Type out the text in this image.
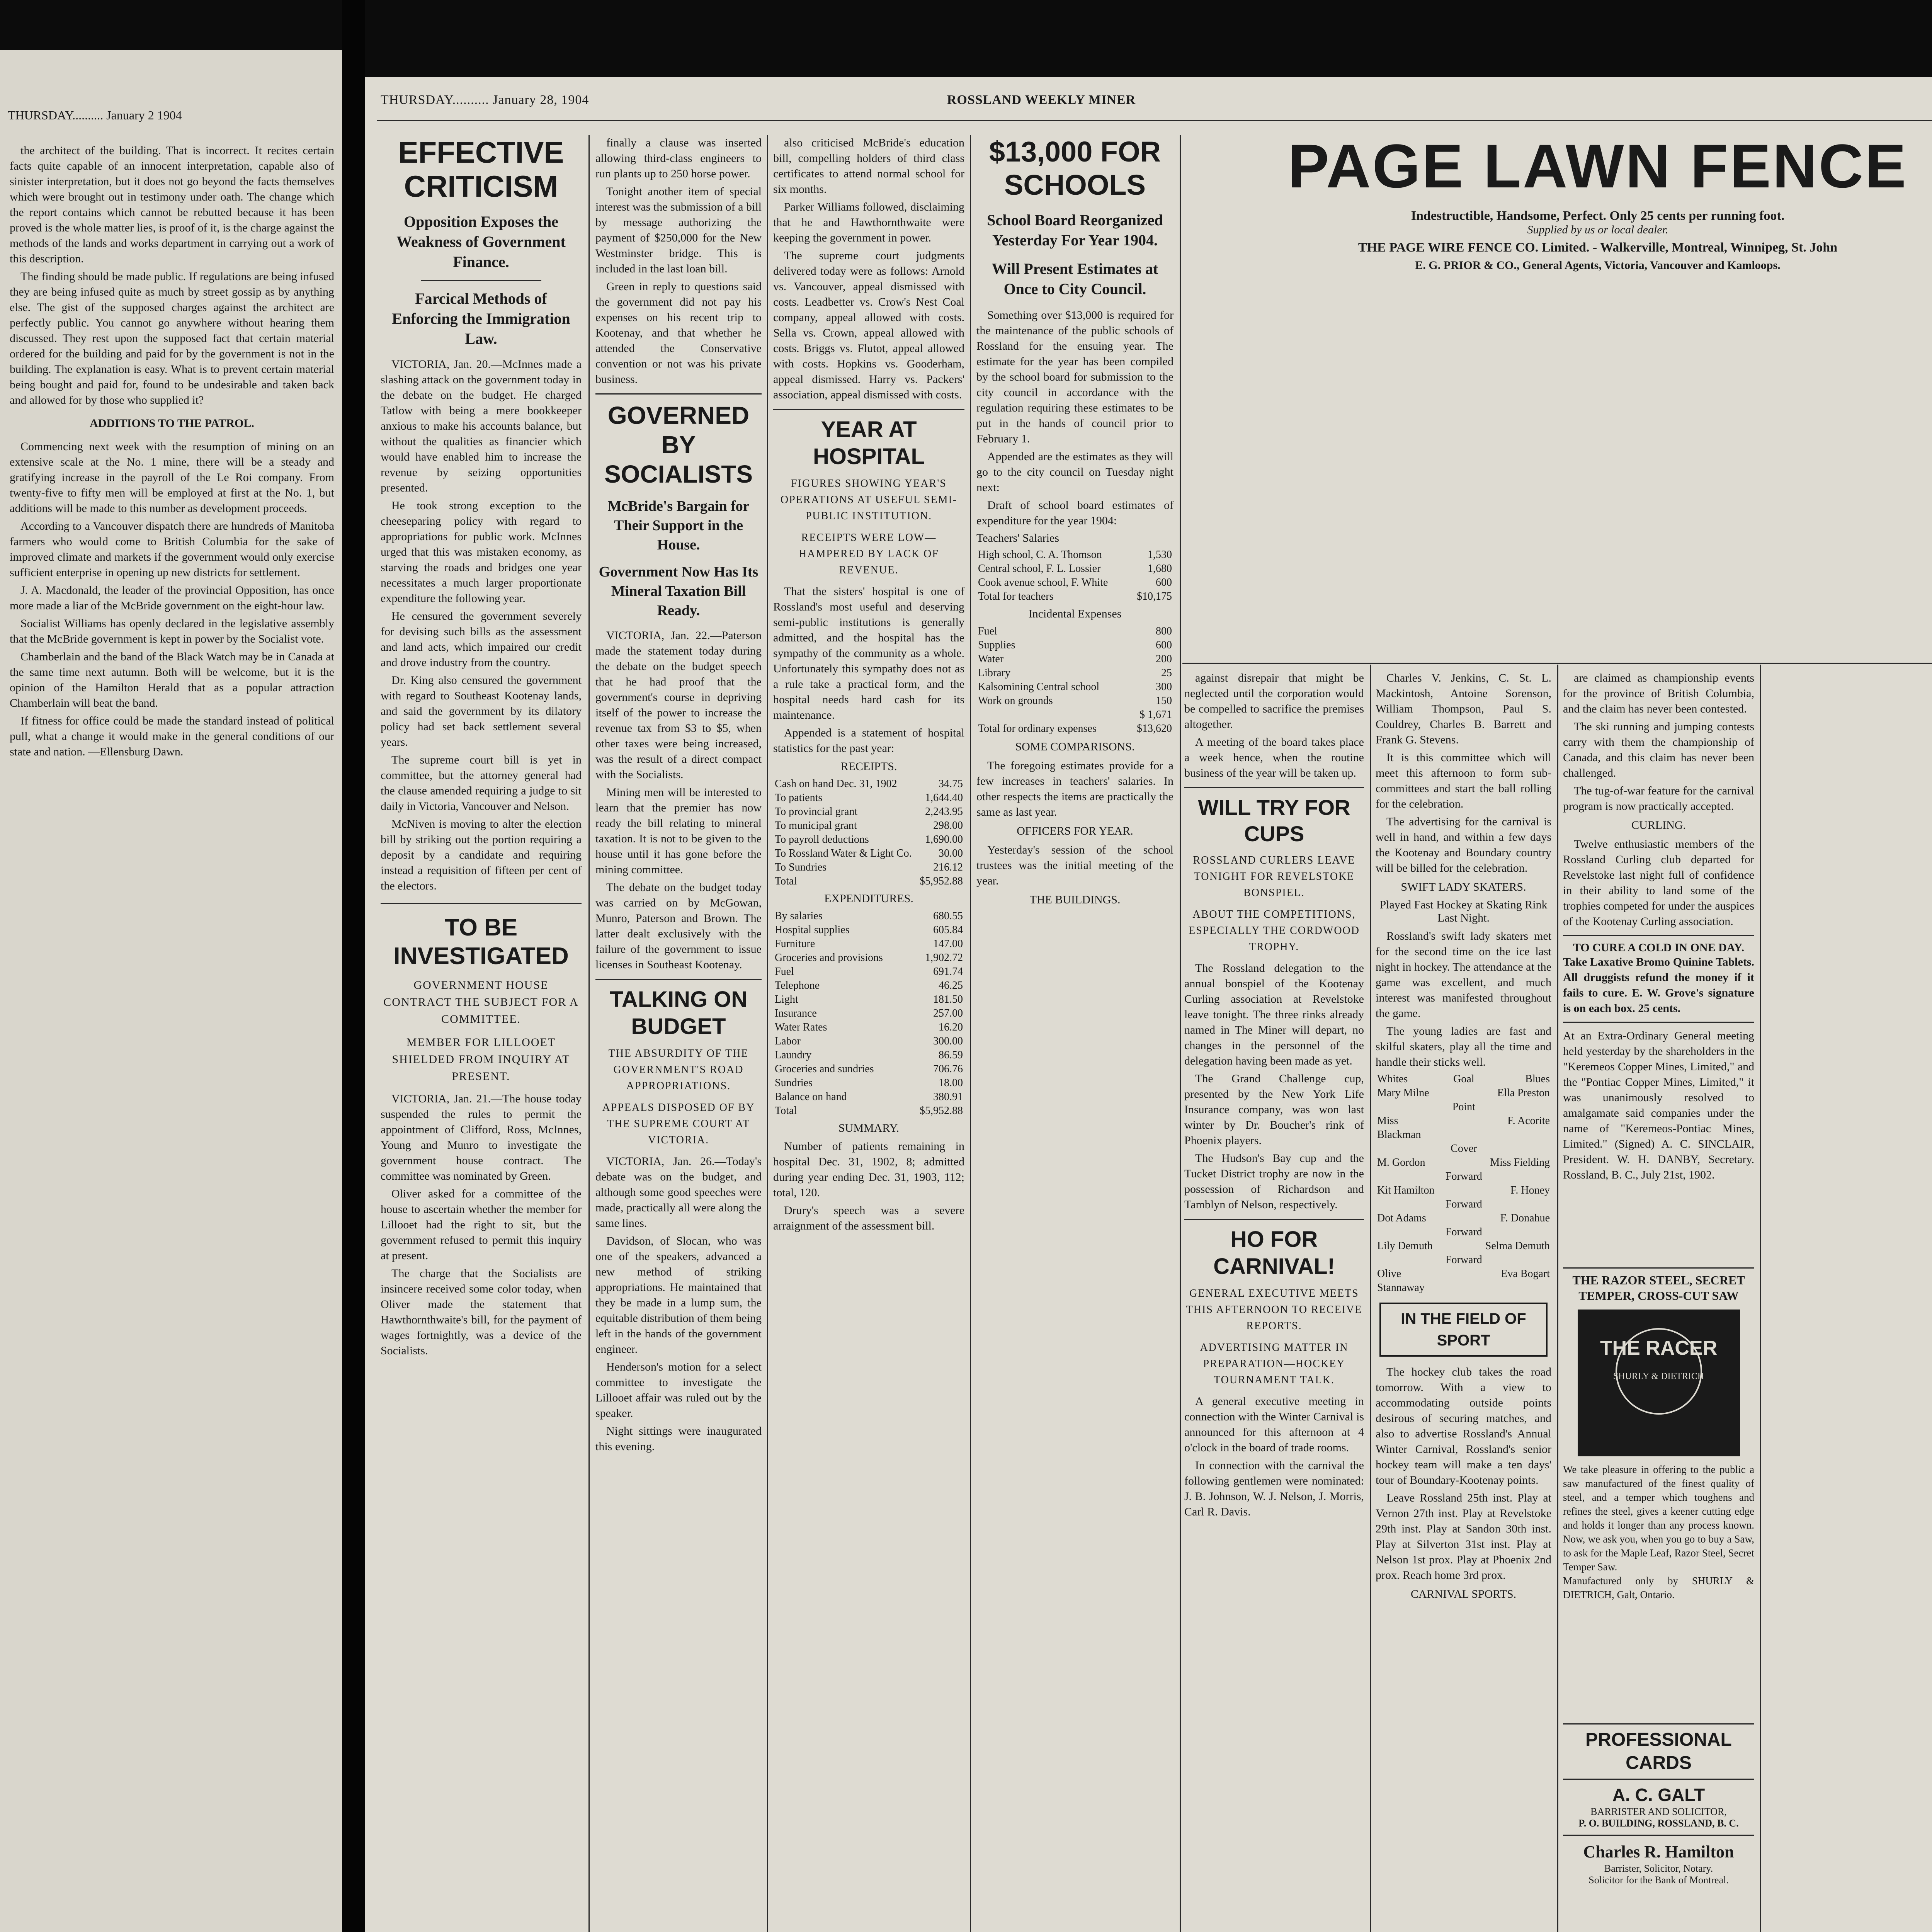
THURSDAY.......... January 2 1904

the architect of the building. That is incorrect. It recites certain facts quite capable of an innocent interpretation, capable also of sinister interpretation, but it does not go beyond the facts themselves which were brought out in testimony under oath. The change which the report contains which cannot be rebutted because it has been proved is the whole matter lies, is proof of it, is the charge against the methods of the lands and works department in carrying out a work of this description.

The finding should be made public. If regulations are being infused they are being infused quite as much by street gossip as by anything else. The gist of the supposed charges against the architect are perfectly public. You cannot go anywhere without hearing them discussed. They rest upon the supposed fact that certain material ordered for the building and paid for by the government is not in the building. The explanation is easy. What is to prevent certain material being bought and paid for, found to be undesirable and taken back and allowed for by those who supplied it?

ADDITIONS TO THE PATROL.

Commencing next week with the resumption of mining on an extensive scale at the No. 1 mine, there will be a steady and gratifying increase in the payroll of the Le Roi company. From twenty-five to fifty men will be employed at first at the No. 1, but additions will be made to this number as development proceeds.

According to a Vancouver dispatch there are hundreds of Manitoba farmers who would come to British Columbia for the sake of improved climate and markets if the government would only exercise sufficient enterprise in opening up new districts for settlement.

J. A. Macdonald, the leader of the provincial Opposition, has once more made a liar of the McBride government on the eight-hour law.

Socialist Williams has openly declared in the legislative assembly that the McBride government is kept in power by the Socialist vote.

Chamberlain and the band of the Black Watch may be in Canada at the same time next autumn. Both will be welcome, but it is the opinion of the Hamilton Herald that as a popular attraction Chamberlain will beat the band.

If fitness for office could be made the standard instead of political pull, what a change it would make in the general conditions of our state and nation. —Ellensburg Dawn.

THURSDAY.......... January 28, 1904	ROSSLAND WEEKLY MINER
EFFECTIVE CRITICISM
Opposition Exposes the Weakness of Government Finance.
Farcical Methods of Enforcing the Immigration Law.

VICTORIA, Jan. 20.—McInnes made a slashing attack on the government today in the debate on the budget. He charged Tatlow with being a mere bookkeeper anxious to make his accounts balance, but without the qualities as financier which would have enabled him to increase the revenue by seizing opportunities presented.

He took strong exception to the cheeseparing policy with regard to appropriations for public work. McInnes urged that this was mistaken economy, as starving the roads and bridges one year necessitates a much larger proportionate expenditure the following year.

He censured the government severely for devising such bills as the assessment and land acts, which impaired our credit and drove industry from the country.

Dr. King also censured the government with regard to Southeast Kootenay lands, and said the government by its dilatory policy had set back settlement several years.

The supreme court bill is yet in committee, but the attorney general had the clause amended requiring a judge to sit daily in Victoria, Vancouver and Nelson.

McNiven is moving to alter the election bill by striking out the portion requiring a deposit by a candidate and requiring instead a requisition of fifteen per cent of the electors.

TO BE INVESTIGATED
GOVERNMENT HOUSE CONTRACT THE SUBJECT FOR A COMMITTEE.
MEMBER FOR LILLOOET SHIELDED FROM INQUIRY AT PRESENT.

VICTORIA, Jan. 21.—The house today suspended the rules to permit the appointment of Clifford, Ross, McInnes, Young and Munro to investigate the government house contract. The committee was nominated by Green.

Oliver asked for a committee of the house to ascertain whether the member for Lillooet had the right to sit, but the government refused to permit this inquiry at present.

The charge that the Socialists are insincere received some color today, when Oliver made the statement that Hawthornthwaite's bill, for the payment of wages fortnightly, was a device of the Socialists.

finally a clause was inserted allowing third-class engineers to run plants up to 250 horse power.

Tonight another item of special interest was the submission of a bill by message authorizing the payment of $250,000 for the New Westminster bridge. This is included in the last loan bill.

Green in reply to questions said the government did not pay his expenses on his recent trip to Kootenay, and that whether he attended the Conservative convention or not was his private business.

GOVERNED BY SOCIALISTS
McBride's Bargain for Their Support in the House.
Government Now Has Its Mineral Taxation Bill Ready.

VICTORIA, Jan. 22.—Paterson made the statement today during the debate on the budget speech that he had proof that the government's course in depriving itself of the power to increase the revenue tax from $3 to $5, when other taxes were being increased, was the result of a direct compact with the Socialists.

Mining men will be interested to learn that the premier has now ready the bill relating to mineral taxation. It is not to be given to the house until it has gone before the mining committee.

The debate on the budget today was carried on by McGowan, Munro, Paterson and Brown. The latter dealt exclusively with the failure of the government to issue licenses in Southeast Kootenay.

TALKING ON BUDGET
THE ABSURDITY OF THE GOVERNMENT'S ROAD APPROPRIATIONS.
APPEALS DISPOSED OF BY THE SUPREME COURT AT VICTORIA.

VICTORIA, Jan. 26.—Today's debate was on the budget, and although some good speeches were made, practically all were along the same lines.

Davidson, of Slocan, who was one of the speakers, advanced a new method of striking appropriations. He maintained that they be made in a lump sum, the equitable distribution of them being left in the hands of the government engineer.

Henderson's motion for a select committee to investigate the Lillooet affair was ruled out by the speaker.

Night sittings were inaugurated this evening.

also criticised McBride's education bill, compelling holders of third class certificates to attend normal school for six months.

Parker Williams followed, disclaiming that he and Hawthornthwaite were keeping the government in power.

The supreme court judgments delivered today were as follows: Arnold vs. Vancouver, appeal dismissed with costs. Leadbetter vs. Crow's Nest Coal company, appeal allowed with costs. Sella vs. Crown, appeal allowed with costs. Briggs vs. Flutot, appeal allowed with costs. Hopkins vs. Gooderham, appeal dismissed. Harry vs. Packers' association, appeal dismissed with costs.

YEAR AT HOSPITAL
FIGURES SHOWING YEAR'S OPERATIONS AT USEFUL SEMI-PUBLIC INSTITUTION.
RECEIPTS WERE LOW—HAMPERED BY LACK OF REVENUE.

That the sisters' hospital is one of Rossland's most useful and deserving semi-public institutions is generally admitted, and the hospital has the sympathy of the community as a whole. Unfortunately this sympathy does not as a rule take a practical form, and the hospital needs hard cash for its maintenance.

Appended is a statement of hospital statistics for the past year:

RECEIPTS.
Cash on hand Dec. 31, 1902	34.75
To patients	1,644.40
To provincial grant	2,243.95
To municipal grant	298.00
To payroll deductions	1,690.00
To Rossland Water & Light Co.	30.00
To Sundries	216.12
Total	$5,952.88
EXPENDITURES.
By salaries	680.55
Hospital supplies	605.84
Furniture	147.00
Groceries and provisions	1,902.72
Fuel	691.74
Telephone	46.25
Light	181.50
Insurance	257.00
Water Rates	16.20
Labor	300.00
Laundry	86.59
Groceries and sundries	706.76
Sundries	18.00
Balance on hand	380.91
Total	$5,952.88
SUMMARY.

Number of patients remaining in hospital Dec. 31, 1902, 8; admitted during year ending Dec. 31, 1903, 112; total, 120.

Drury's speech was a severe arraignment of the assessment bill.

$13,000 FOR SCHOOLS
School Board Reorganized Yesterday For Year 1904.
Will Present Estimates at Once to City Council.

Something over $13,000 is required for the maintenance of the public schools of Rossland for the ensuing year. The estimate for the year has been compiled by the school board for submission to the city council in accordance with the regulation requiring these estimates to be put in the hands of council prior to February 1.

Appended are the estimates as they will go to the city council on Tuesday night next:

Draft of school board estimates of expenditure for the year 1904:

Teachers' Salaries
High school, C. A. Thomson	1,530
Central school, F. L. Lossier	1,680
Cook avenue school, F. White	600
Total for teachers	$10,175
Incidental Expenses
Fuel	800
Supplies	600
Water	200
Library	25
Kalsomining Central school	300
Work on grounds	150
	$ 1,671
Total for ordinary expenses	$13,620
SOME COMPARISONS.

The foregoing estimates provide for a few increases in teachers' salaries. In other respects the items are practically the same as last year.

OFFICERS FOR YEAR.

Yesterday's session of the school trustees was the initial meeting of the year.

THE BUILDINGS.
PAGE LAWN FENCE
Indestructible, Handsome, Perfect. Only 25 cents per running foot.
Supplied by us or local dealer.
THE PAGE WIRE FENCE CO. Limited. - Walkerville, Montreal, Winnipeg, St. John
E. G. PRIOR & CO., General Agents, Victoria, Vancouver and Kamloops.

against disrepair that might be neglected until the corporation would be compelled to sacrifice the premises altogether.

A meeting of the board takes place a week hence, when the routine business of the year will be taken up.

WILL TRY FOR CUPS
ROSSLAND CURLERS LEAVE TONIGHT FOR REVELSTOKE BONSPIEL.
ABOUT THE COMPETITIONS, ESPECIALLY THE CORDWOOD TROPHY.

The Rossland delegation to the annual bonspiel of the Kootenay Curling association at Revelstoke leave tonight. The three rinks already named in The Miner will depart, no changes in the personnel of the delegation having been made as yet.

The Grand Challenge cup, presented by the New York Life Insurance company, was won last winter by Dr. Boucher's rink of Phoenix players.

The Hudson's Bay cup and the Tucket District trophy are now in the possession of Richardson and Tamblyn of Nelson, respectively.

HO FOR CARNIVAL!
GENERAL EXECUTIVE MEETS THIS AFTERNOON TO RECEIVE REPORTS.
ADVERTISING MATTER IN PREPARATION—HOCKEY TOURNAMENT TALK.

A general executive meeting in connection with the Winter Carnival is announced for this afternoon at 4 o'clock in the board of trade rooms.

In connection with the carnival the following gentlemen were nominated: J. B. Johnson, W. J. Nelson, J. Morris, Carl R. Davis.

Charles V. Jenkins, C. St. L. Mackintosh, Antoine Sorenson, William Thompson, Paul S. Couldrey, Charles B. Barrett and Frank G. Stevens.

It is this committee which will meet this afternoon to form sub-committees and start the ball rolling for the celebration.

The advertising for the carnival is well in hand, and within a few days the Kootenay and Boundary country will be billed for the celebration.

SWIFT LADY SKATERS.
Played Fast Hockey at Skating Rink Last Night.

Rossland's swift lady skaters met for the second time on the ice last night in hockey. The attendance at the game was excellent, and much interest was manifested throughout the game.

The young ladies are fast and skilful skaters, play all the time and handle their sticks well.

Whites	Goal	Blues
Mary Milne		Ella Preston
	Point	
Miss Blackman		F. Acorite
	Cover	
M. Gordon		Miss Fielding
	Forward	
Kit Hamilton		F. Honey
	Forward	
Dot Adams		F. Donahue
	Forward	
Lily Demuth		Selma Demuth
	Forward	
Olive Stannaway		Eva Bogart
IN THE FIELD OF SPORT

The hockey club takes the road tomorrow. With a view to accommodating outside points desirous of securing matches, and also to advertise Rossland's Annual Winter Carnival, Rossland's senior hockey team will make a ten days' tour of Boundary-Kootenay points.

Leave Rossland 25th inst. Play at Vernon 27th inst. Play at Revelstoke 29th inst. Play at Sandon 30th inst. Play at Silverton 31st inst. Play at Nelson 1st prox. Play at Phoenix 2nd prox. Reach home 3rd prox.

CARNIVAL SPORTS.

are claimed as championship events for the province of British Columbia, and the claim has never been contested.

The ski running and jumping contests carry with them the championship of Canada, and this claim has never been challenged.

The tug-of-war feature for the carnival program is now practically accepted.

CURLING.

Twelve enthusiastic members of the Rossland Curling club departed for Revelstoke last night full of confidence in their ability to land some of the trophies competed for under the auspices of the Kootenay Curling association.

TO CURE A COLD IN ONE DAY.
Take Laxative Bromo Quinine Tablets. All druggists refund the money if it fails to cure. E. W. Grove's signature is on each box. 25 cents.
At an Extra-Ordinary General meeting held yesterday by the shareholders in the "Keremeos Copper Mines, Limited," and the "Pontiac Copper Mines, Limited," it was unanimously resolved to amalgamate said companies under the name of "Keremeos-Pontiac Mines, Limited." (Signed) A. C. SINCLAIR, President. W. H. DANBY, Secretary. Rossland, B. C., July 21st, 1902.
THE RAZOR STEEL, SECRET TEMPER, CROSS-CUT SAW
THE RACER
SHURLY & DIETRICH
We take pleasure in offering to the public a saw manufactured of the finest quality of steel, and a temper which toughens and refines the steel, gives a keener cutting edge and holds it longer than any process known. Now, we ask you, when you go to buy a Saw, to ask for the Maple Leaf, Razor Steel, Secret Temper Saw.
Manufactured only by SHURLY & DIETRICH, Galt, Ontario.
PROFESSIONAL CARDS
A. C. GALT
BARRISTER AND SOLICITOR,
P. O. BUILDING, ROSSLAND, B. C.
Charles R. Hamilton
Barrister, Solicitor, Notary.
Solicitor for the Bank of Montreal.
